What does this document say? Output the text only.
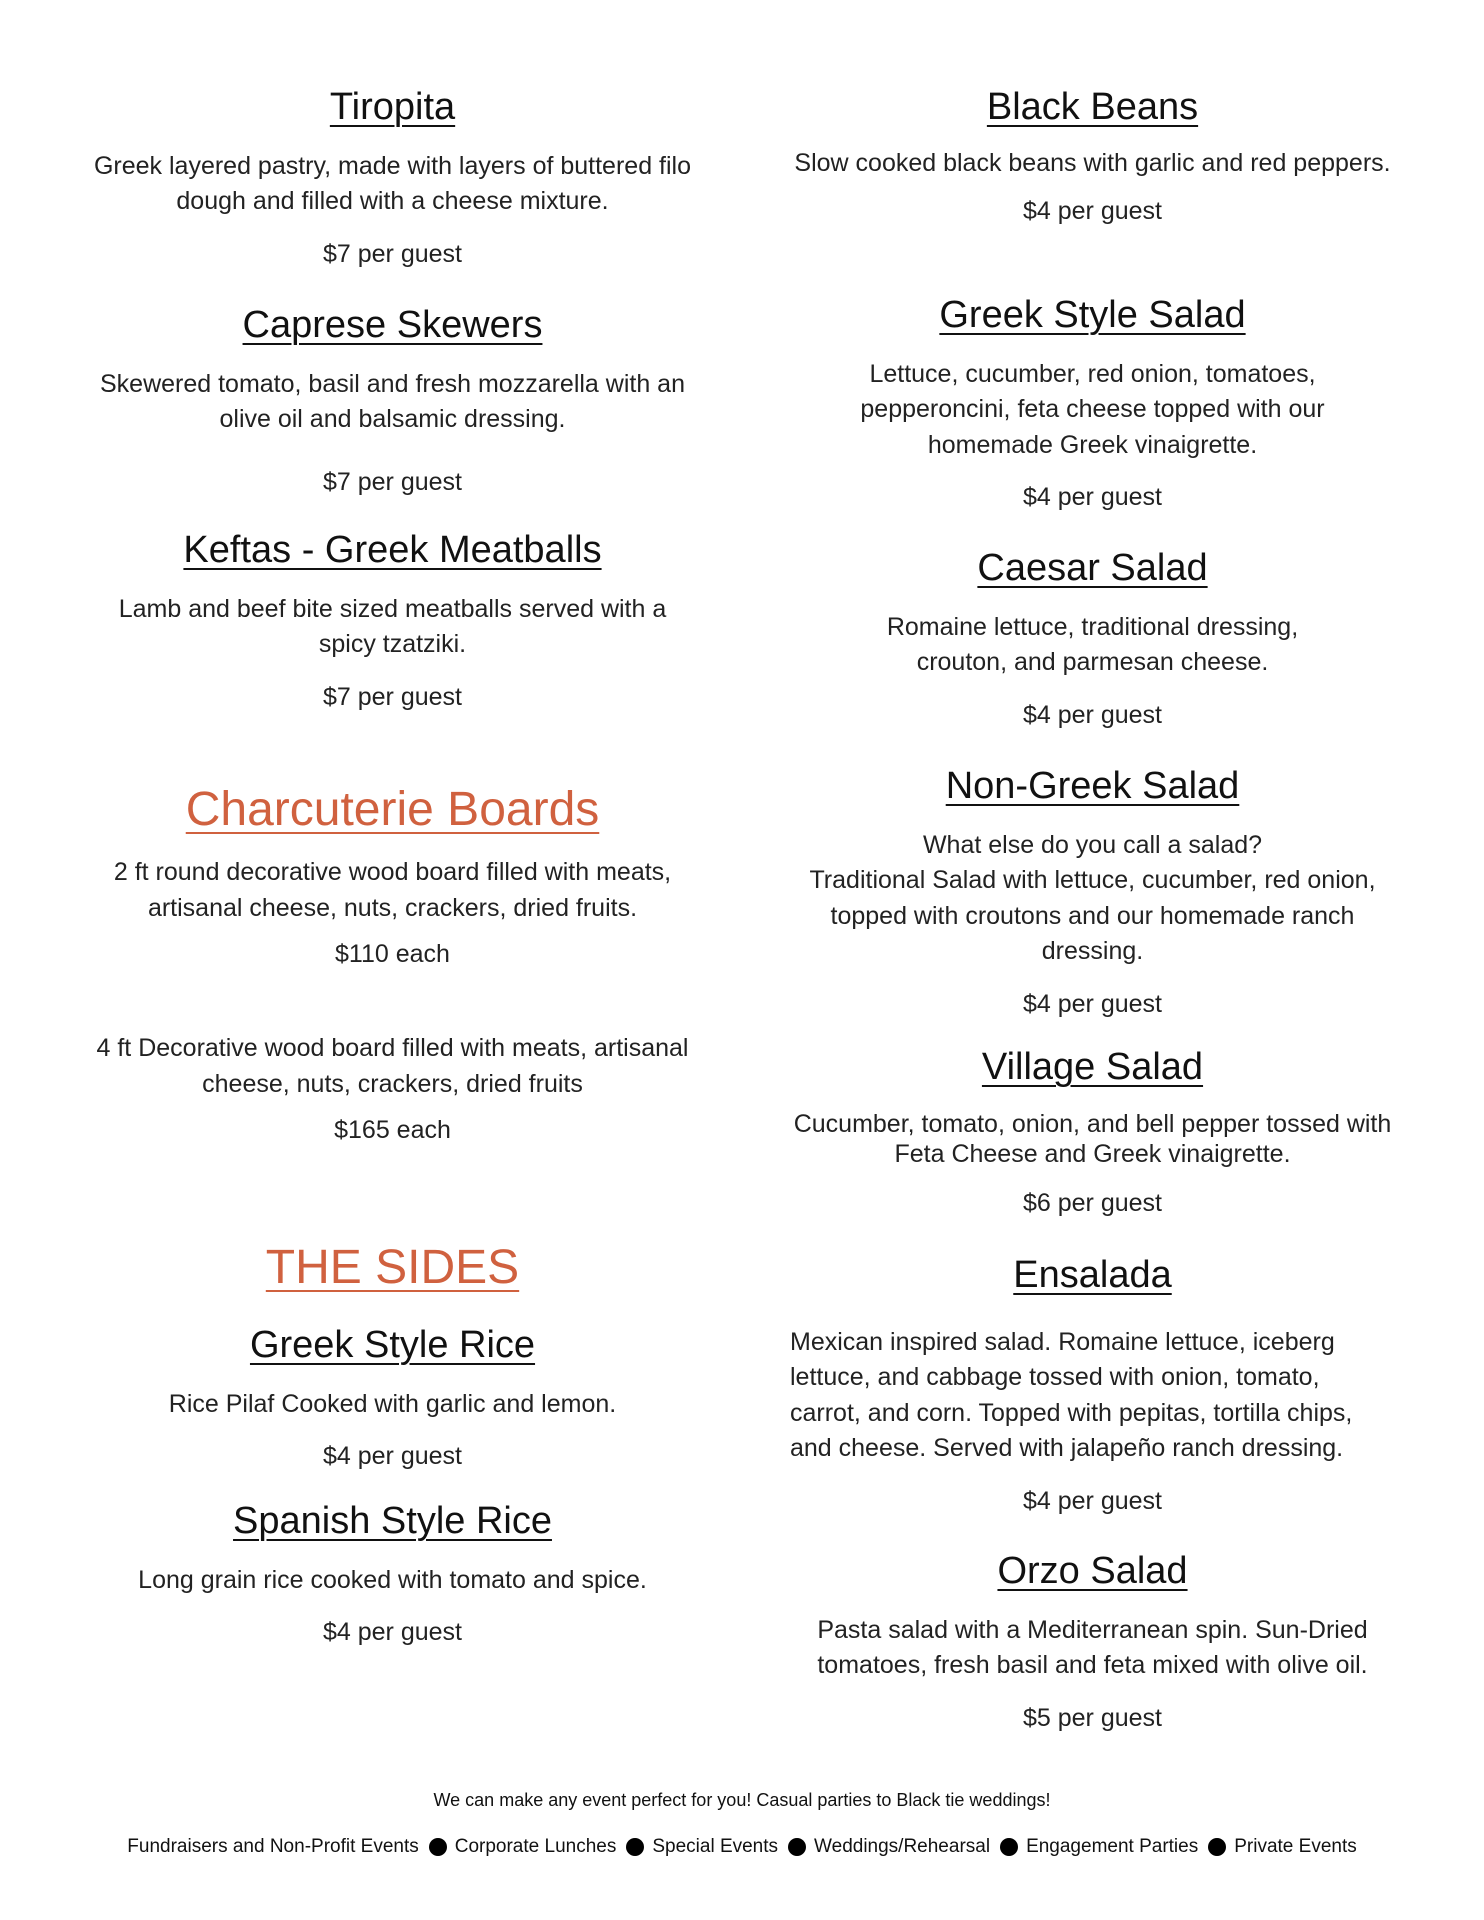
Tiropita
Greek layered pastry, made with layers of buttered filo dough and filled with a cheese mixture.
$7 per guest
Caprese Skewers
Skewered tomato, basil and fresh mozzarella with an olive oil and balsamic dressing.
$7 per guest
Keftas - Greek Meatballs
Lamb and beef bite sized meatballs served with a spicy tzatziki.
$7 per guest
Charcuterie Boards
2 ft round decorative wood board filled with meats, artisanal cheese, nuts, crackers, dried fruits.
$110 each
4 ft Decorative wood board filled with meats, artisanal cheese, nuts, crackers, dried fruits
$165 each
THE SIDES
Greek Style Rice
Rice Pilaf Cooked with garlic and lemon.
$4 per guest
Spanish Style Rice
Long grain rice cooked with tomato and spice.
$4 per guest
Black Beans
Slow cooked black beans with garlic and red peppers.
$4 per guest
Greek Style Salad
Lettuce, cucumber, red onion, tomatoes, pepperoncini, feta cheese topped with our homemade Greek vinaigrette.
$4 per guest
Caesar Salad
Romaine lettuce, traditional dressing, crouton, and parmesan cheese.
$4 per guest
Non-Greek Salad
What else do you call a salad?
Traditional Salad with lettuce, cucumber, red onion, topped with croutons and our homemade ranch dressing.
$4 per guest
Village Salad
Cucumber, tomato, onion, and bell pepper tossed with Feta Cheese and Greek vinaigrette.
$6 per guest
Ensalada
Mexican inspired salad. Romaine lettuce, iceberg lettuce, and cabbage tossed with onion, tomato, carrot, and corn. Topped with pepitas, tortilla chips, and cheese. Served with jalapeño ranch dressing.
$4 per guest
Orzo Salad
Pasta salad with a Mediterranean spin. Sun-Dried tomatoes, fresh basil and feta mixed with olive oil.
$5 per guest
We can make any event perfect for you! Casual parties to Black tie weddings!
Fundraisers and Non-Profit Events Corporate Lunches Special Events Weddings/Rehearsal Engagement Parties Private Events
